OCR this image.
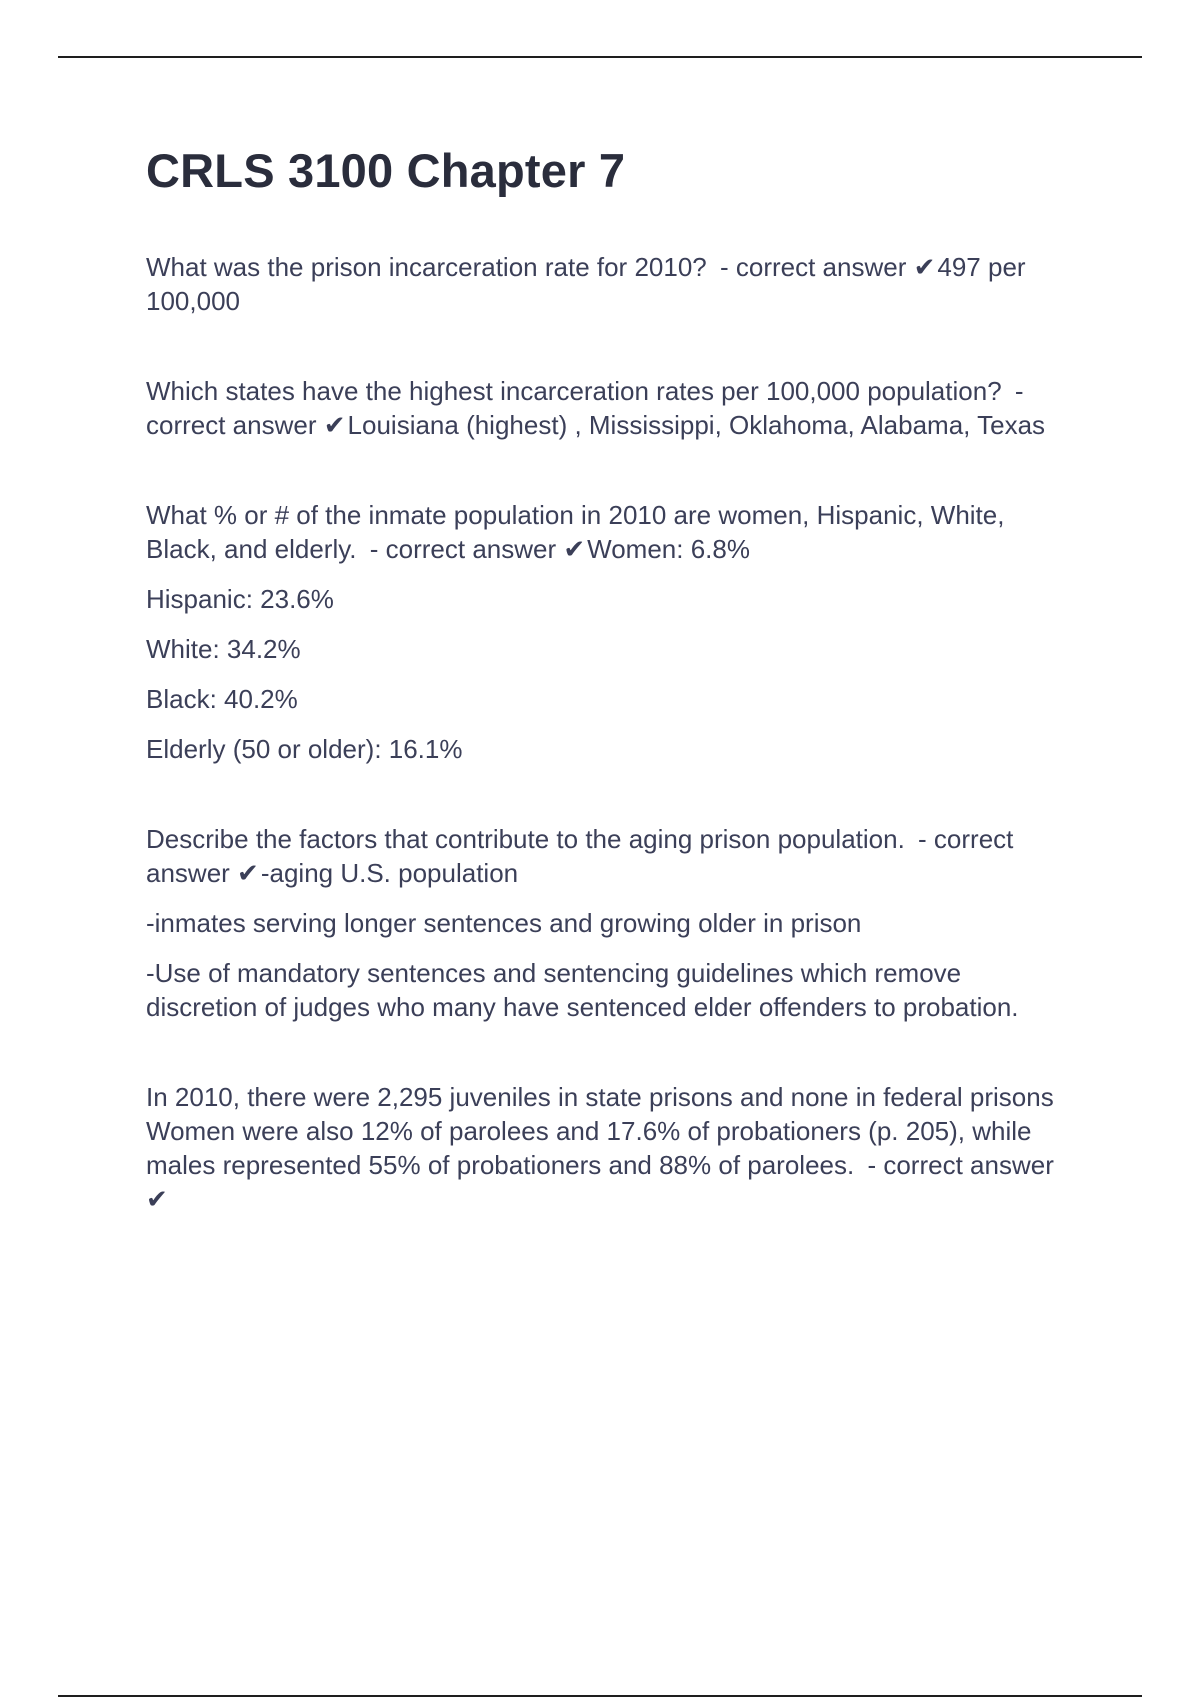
CRLS 3100 Chapter 7

What was the prison incarceration rate for 2010? - correct answer ✔497 per 100,000

Which states have the highest incarceration rates per 100,000 population? - correct answer ✔Louisiana (highest) , Mississippi, Oklahoma, Alabama, Texas

What % or # of the inmate population in 2010 are women, Hispanic, White, Black, and elderly. - correct answer ✔Women: 6.8%

Hispanic: 23.6%

White: 34.2%

Black: 40.2%

Elderly (50 or older): 16.1%

Describe the factors that contribute to the aging prison population. - correct answer ✔-aging U.S. population

-inmates serving longer sentences and growing older in prison

-Use of mandatory sentences and sentencing guidelines which remove discretion of judges who many have sentenced elder offenders to probation.

In 2010, there were 2,295 juveniles in state prisons and none in federal prisons Women were also 12% of parolees and 17.6% of probationers (p. 205), while males represented 55% of probationers and 88% of parolees. - correct answer ✔
